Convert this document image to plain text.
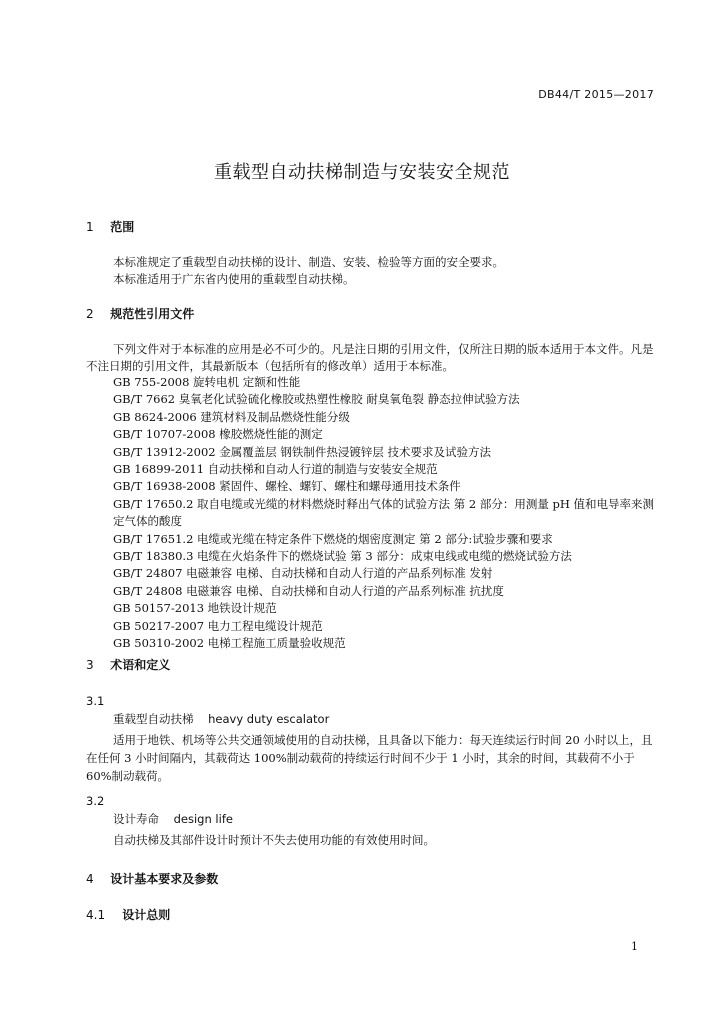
DB44/T 2015—2017
重载型自动扶梯制造与安装安全规范
1 范围
本标准规定了重载型自动扶梯的设计、制造、安装、检验等方面的安全要求。
本标准适用于广东省内使用的重载型自动扶梯。
2 规范性引用文件
下列文件对于本标准的应用是必不可少的。凡是注日期的引用文件，仅所注日期的版本适用于本文件。凡是不注日期的引用文件，其最新版本（包括所有的修改单）适用于本标准。
GB 755-2008 旋转电机 定额和性能
GB/T 7662 臭氧老化试验硫化橡胶或热塑性橡胶 耐臭氧龟裂 静态拉伸试验方法
GB 8624-2006 建筑材料及制品燃烧性能分级
GB/T 10707-2008 橡胶燃烧性能的测定
GB/T 13912-2002 金属覆盖层 钢铁制件热浸镀锌层 技术要求及试验方法
GB 16899-2011 自动扶梯和自动人行道的制造与安装安全规范
GB/T 16938-2008 紧固件、螺栓、螺钉、螺柱和螺母通用技术条件
GB/T 17650.2 取自电缆或光缆的材料燃烧时释出气体的试验方法 第 2 部分：用测量 pH 值和电导率来测定气体的酸度
GB/T 17651.2 电缆或光缆在特定条件下燃烧的烟密度测定 第 2 部分:试验步骤和要求
GB/T 18380.3 电缆在火焰条件下的燃烧试验 第 3 部分：成束电线或电缆的燃烧试验方法
GB/T 24807 电磁兼容 电梯、自动扶梯和自动人行道的产品系列标准 发射
GB/T 24808 电磁兼容 电梯、自动扶梯和自动人行道的产品系列标准 抗扰度
GB 50157-2013 地铁设计规范
GB 50217-2007 电力工程电缆设计规范
GB 50310-2002 电梯工程施工质量验收规范
3 术语和定义
3.1
重载型自动扶梯    heavy duty escalator
适用于地铁、机场等公共交通领域使用的自动扶梯，且具备以下能力：每天连续运行时间 20 小时以上，且在任何 3 小时间隔内，其载荷达 100%制动载荷的持续运行时间不少于 1 小时，其余的时间，其载荷不小于 60%制动载荷。
3.2
设计寿命    design life
自动扶梯及其部件设计时预计不失去使用功能的有效使用时间。
4 设计基本要求及参数
4.1 设计总则
1
